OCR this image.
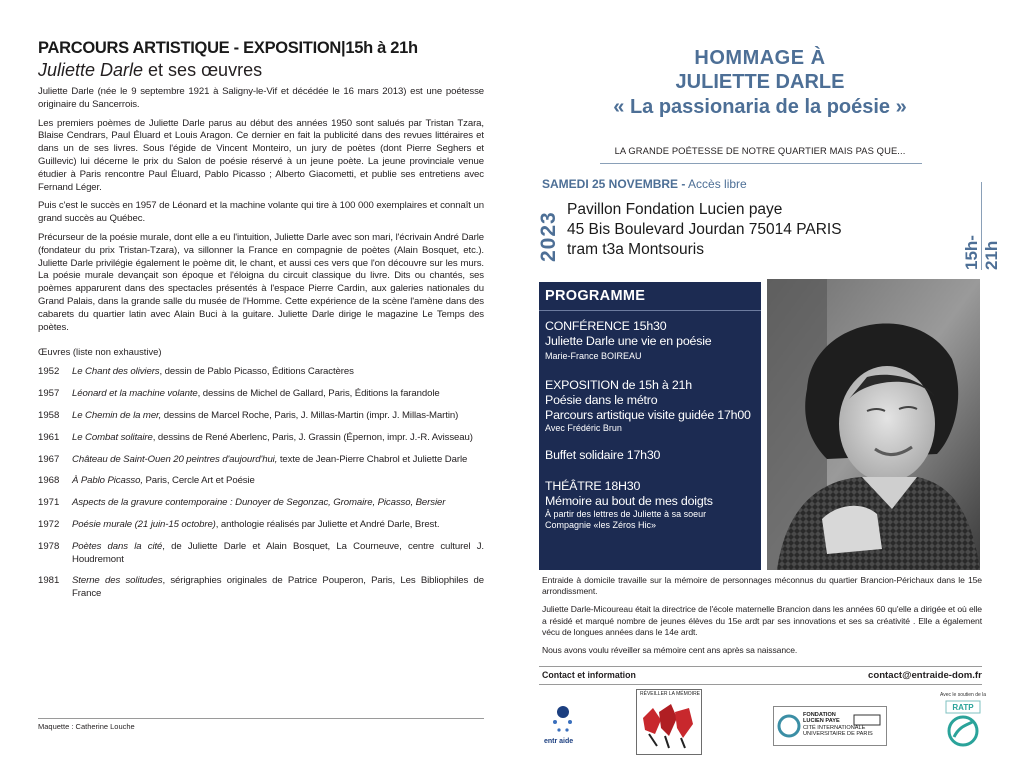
PARCOURS ARTISTIQUE - EXPOSITION|15h à 21h
Juliette Darle et ses œuvres

Juliette Darle (née le 9 septembre 1921 à Saligny-le-Vif et décédée le 16 mars 2013) est une poétesse originaire du Sancerrois.

Les premiers poèmes de Juliette Darle parus au début des années 1950 sont salués par Tristan Tzara, Blaise Cendrars, Paul Éluard et Louis Aragon. Ce dernier en fait la publicité dans des revues littéraires et dans un de ses livres. Sous l'égide de Vincent Monteiro, un jury de poètes (dont Pierre Seghers et Guillevic) lui décerne le prix du Salon de poésie réservé à un jeune poète. La jeune provinciale venue étudier à Paris rencontre Paul Éluard, Pablo Picasso ; Alberto Giacometti, et publie ses entretiens avec Fernand Léger.

Puis c'est le succès en 1957 de Léonard et la machine volante qui tire à 100 000 exemplaires et connaît un grand succès au Québec.

Précurseur de la poésie murale, dont elle a eu l'intuition, Juliette Darle avec son mari, l'écrivain André Darle (fondateur du prix Tristan-Tzara), va sillonner la France en compagnie de poètes (Alain Bosquet, etc.). Juliette Darle privilégie également le poème dit, le chant, et aussi ces vers que l'on découvre sur les murs. La poésie murale devançait son époque et l'éloigna du circuit classique du livre. Dits ou chantés, ses poèmes apparurent dans des spectacles présentés à l'espace Pierre Cardin, aux galeries nationales du Grand Palais, dans la grande salle du musée de l'Homme. Cette expérience de la scène l'amène dans des cabarets du quartier latin avec Alain Buci à la guitare. Juliette Darle dirige le magazine Le Temps des poètes.

Œuvres (liste non exhaustive)
1952	Le Chant des oliviers, dessin de Pablo Picasso, Éditions Caractères
1957	Léonard et la machine volante, dessins de Michel de Gallard, Paris, Éditions la farandole
1958	Le Chemin de la mer, dessins de Marcel Roche, Paris, J. Millas-Martin (impr. J. Millas-Martin)
1961	Le Combat solitaire, dessins de René Aberlenc, Paris, J. Grassin (Épernon, impr. J.-R. Avisseau)
1967	Château de Saint-Ouen 20 peintres d'aujourd'hui, texte de Jean-Pierre Chabrol et Juliette Darle
1968	À Pablo Picasso, Paris, Cercle Art et Poésie
1971	Aspects de la gravure contemporaine : Dunoyer de Segonzac, Gromaire, Picasso, Bersier
1972	Poésie murale (21 juin-15 octobre), anthologie réalisés par Juliette et André Darle, Brest.
1978	Poètes dans la cité, de Juliette Darle et Alain Bosquet, La Courneuve, centre culturel J. Houdremont
1981	Sterne des solitudes, sérigraphies originales de Patrice Pouperon, Paris, Les Bibliophiles de France
Maquette : Catherine Louche
HOMMAGE À
JULIETTE DARLE
« La passionaria de la poésie »
LA GRANDE POÉTESSE DE NOTRE QUARTIER MAIS PAS QUE...
SAMEDI 25 NOVEMBRE - Accès libre
2023
Pavillon Fondation Lucien paye
45 Bis Boulevard Jourdan 75014 PARIS
tram t3a Montsouris	15h-21h
PROGRAMME
CONFÉRENCE 15h30
Juliette Darle une vie en poésie
Marie-France BOIREAU
EXPOSITION de 15h à 21h
Poésie dans le métro
Parcours artistique visite guidée 17h00
Avec Frédéric Brun
Buffet solidaire 17h30
THÉÂTRE 18H30
Mémoire au bout de mes doigts
À partir des lettres de Juliette à sa soeur
Compagnie «les Zéros Hic»

Entraide à domicile travaille sur la mémoire de personnages méconnus du quartier Brancion-Périchaux dans le 15e arrondissment.

Juliette Darle-Micoureau était la directrice de l'école maternelle Brancion dans les années 60 qu'elle a dirigée et où elle a résidé et marqué nombre de jeunes élèves du 15e ardt par ses innovations et ses sa créativité . Elle a également vécu de longues années dans le 14e ardt.

Nous avons voulu réveiller sa mémoire cent ans après sa naissance.

Contact et information	contact@entraide-dom.fr
entr aide
RÉVEILLER LA MÉMOIRE
FONDATION
LUCIEN PAYE
CITÉ INTERNATIONALE
UNIVERSITAIRE DE PARIS
Avec le soutien de la
RATP
